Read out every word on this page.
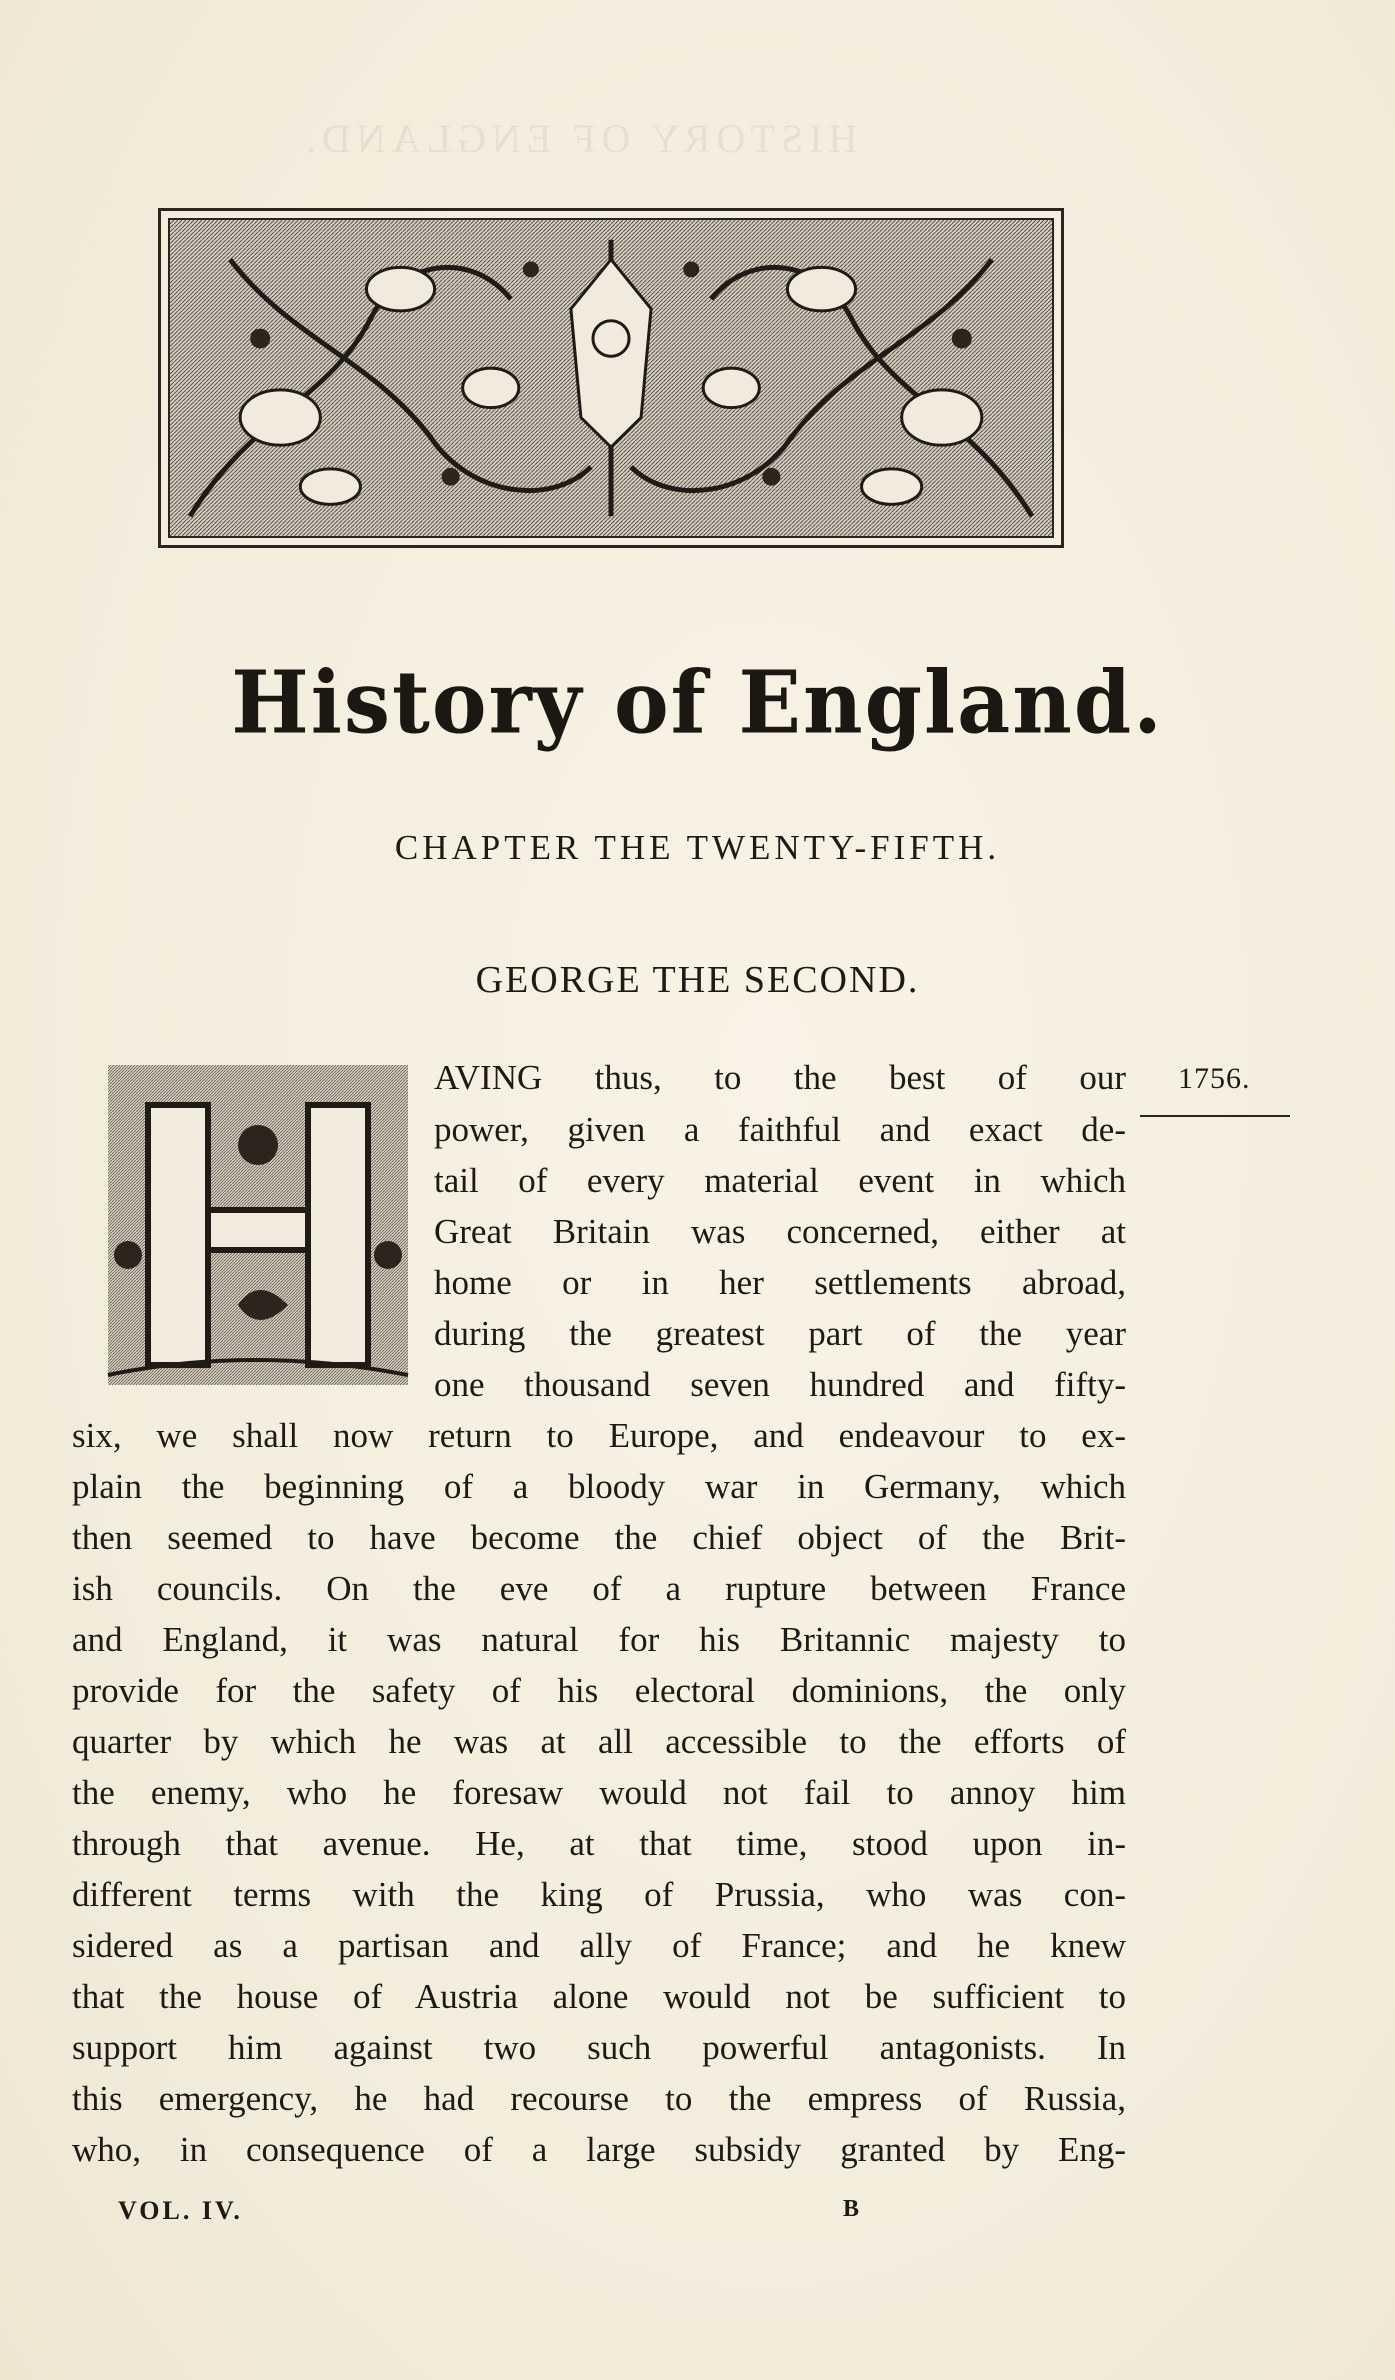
HISTORY OF ENGLAND.
History of England.
CHAPTER THE TWENTY-FIFTH.
GEORGE THE SECOND.
1756.
AVING thus, to the best of our
power, given a faithful and exact de-
tail of every material event in which
Great Britain was concerned, either at
home or in her settlements abroad,
during the greatest part of the year
one thousand seven hundred and fifty-
six, we shall now return to Europe, and endeavour to ex-
plain the beginning of a bloody war in Germany, which
then seemed to have become the chief object of the Brit-
ish councils. On the eve of a rupture between France
and England, it was natural for his Britannic majesty to
provide for the safety of his electoral dominions, the only
quarter by which he was at all accessible to the efforts of
the enemy, who he foresaw would not fail to annoy him
through that avenue. He, at that time, stood upon in-
different terms with the king of Prussia, who was con-
sidered as a partisan and ally of France; and he knew
that the house of Austria alone would not be sufficient to
support him against two such powerful antagonists. In
this emergency, he had recourse to the empress of Russia,
who, in consequence of a large subsidy granted by Eng-
VOL. IV.	B
